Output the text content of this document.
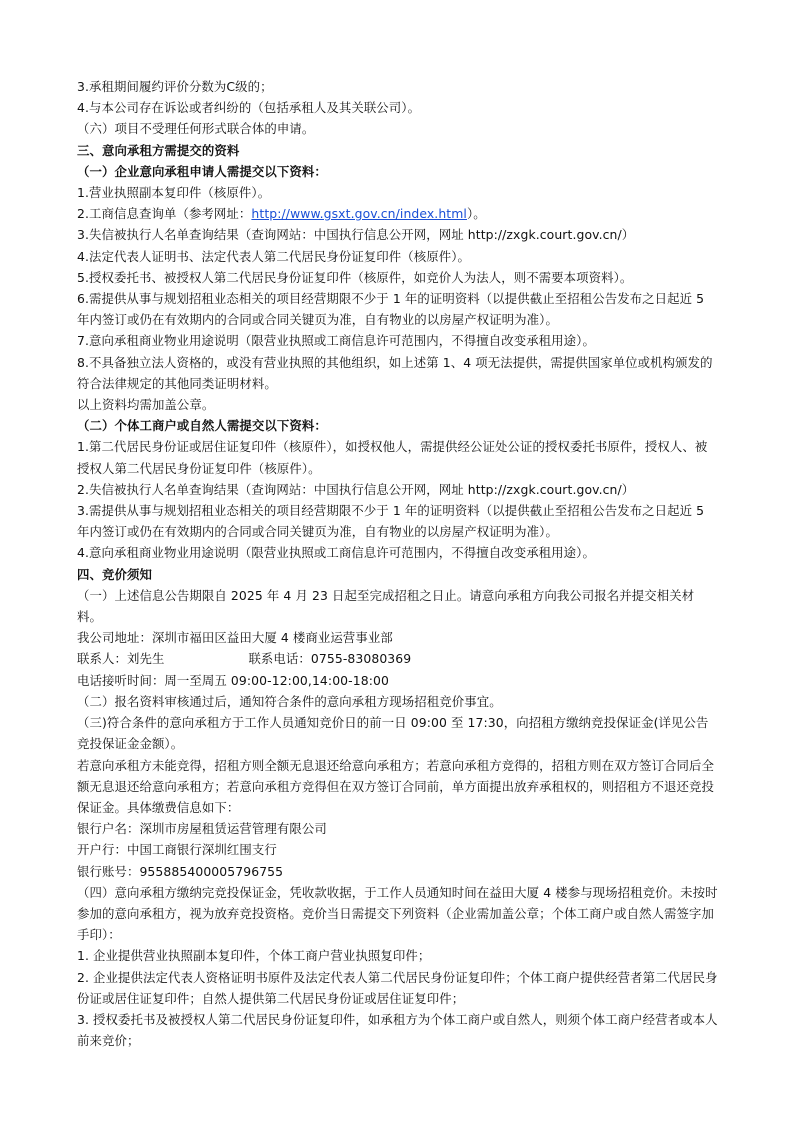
3.承租期间履约评价分数为C级的；

4.与本公司存在诉讼或者纠纷的（包括承租人及其关联公司）。

（六）项目不受理任何形式联合体的申请。

三、意向承租方需提交的资料

（一）企业意向承租申请人需提交以下资料：

1.营业执照副本复印件（核原件）。

2.工商信息查询单（参考网址：http://www.gsxt.gov.cn/index.html）。

3.失信被执行人名单查询结果（查询网站：中国执行信息公开网，网址 http://zxgk.court.gov.cn/）

4.法定代表人证明书、法定代表人第二代居民身份证复印件（核原件）。

5.授权委托书、被授权人第二代居民身份证复印件（核原件，如竞价人为法人，则不需要本项资料）。

6.需提供从事与规划招租业态相关的项目经营期限不少于 1 年的证明资料（以提供截止至招租公告发布之日起近 5 年内签订或仍在有效期内的合同或合同关键页为准，自有物业的以房屋产权证明为准）。

7.意向承租商业物业用途说明（限营业执照或工商信息许可范围内，不得擅自改变承租用途）。

8.不具备独立法人资格的，或没有营业执照的其他组织，如上述第 1、4 项无法提供，需提供国家单位或机构颁发的符合法律规定的其他同类证明材料。

以上资料均需加盖公章。

（二）个体工商户或自然人需提交以下资料：

1.第二代居民身份证或居住证复印件（核原件），如授权他人，需提供经公证处公证的授权委托书原件，授权人、被授权人第二代居民身份证复印件（核原件）。

2.失信被执行人名单查询结果（查询网站：中国执行信息公开网，网址 http://zxgk.court.gov.cn/）

3.需提供从事与规划招租业态相关的项目经营期限不少于 1 年的证明资料（以提供截止至招租公告发布之日起近 5 年内签订或仍在有效期内的合同或合同关键页为准，自有物业的以房屋产权证明为准）。

4.意向承租商业物业用途说明（限营业执照或工商信息许可范围内，不得擅自改变承租用途）。

四、竞价须知

（一）上述信息公告期限自 2025 年 4 月 23 日起至完成招租之日止。请意向承租方向我公司报名并提交相关材料。

我公司地址：深圳市福田区益田大厦 4 楼商业运营事业部

联系人：刘先生	联系电话：0755-83080369

电话接听时间：周一至周五 09:00-12:00,14:00-18:00

（二）报名资料审核通过后，通知符合条件的意向承租方现场招租竞价事宜。

（三)符合条件的意向承租方于工作人员通知竞价日的前一日 09:00 至 17:30，向招租方缴纳竞投保证金(详见公告竞投保证金金额）。

若意向承租方未能竞得，招租方则全额无息退还给意向承租方；若意向承租方竞得的，招租方则在双方签订合同后全额无息退还给意向承租方；若意向承租方竞得但在双方签订合同前，单方面提出放弃承租权的，则招租方不退还竞投保证金。具体缴费信息如下：

银行户名：深圳市房屋租赁运营管理有限公司

开户行：中国工商银行深圳红围支行

银行账号：955885400005796755

（四）意向承租方缴纳完竞投保证金，凭收款收据，于工作人员通知时间在益田大厦 4 楼参与现场招租竞价。未按时参加的意向承租方，视为放弃竞投资格。竞价当日需提交下列资料（企业需加盖公章；个体工商户或自然人需签字加手印）：

1. 企业提供营业执照副本复印件，个体工商户营业执照复印件；

2. 企业提供法定代表人资格证明书原件及法定代表人第二代居民身份证复印件；个体工商户提供经营者第二代居民身份证或居住证复印件；自然人提供第二代居民身份证或居住证复印件；

3. 授权委托书及被授权人第二代居民身份证复印件，如承租方为个体工商户或自然人，则须个体工商户经营者或本人前来竞价；
